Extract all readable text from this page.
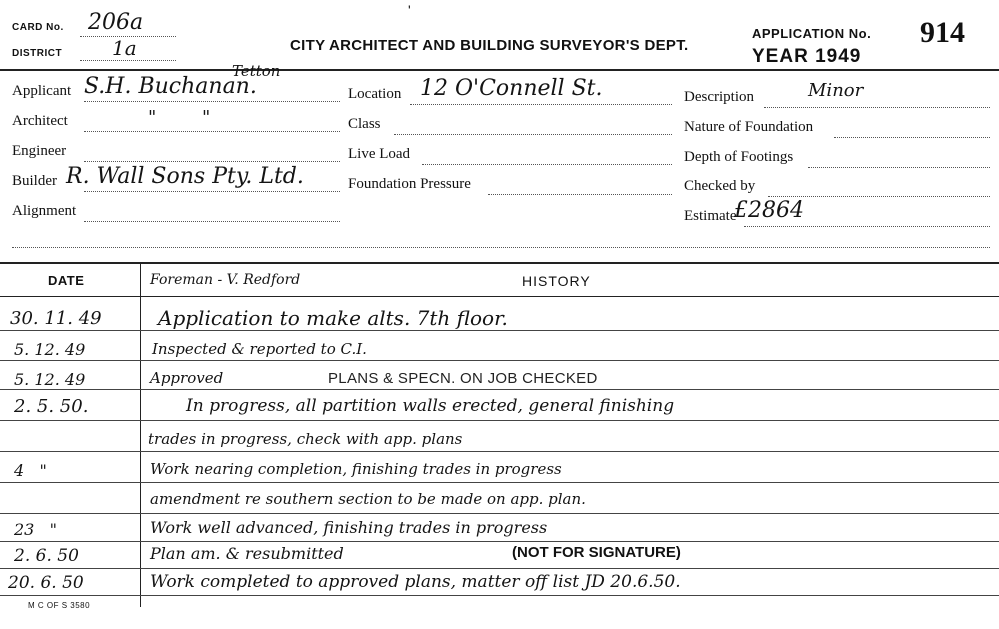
CARD No. 206a
DISTRICT 1a
'
CITY ARCHITECT AND BUILDING SURVEYOR'S DEPT.
APPLICATION No. 914
YEAR 1949
Applicant S.H. Buchanan.
Tetton
Architect	"        "
Engineer
Builder R. Wall Sons Pty. Ltd.
Alignment
Location 12 O'Connell St.
Class
Live Load
Foundation Pressure
Description	Minor
Nature of Foundation
Depth of Footings
Checked by
Estimate
£2864
DATE	Foreman - V. Redford	HISTORY
30. 11. 49	Application to make alts. 7th floor.
5. 12. 49	Inspected & reported to C.I.
5. 12. 49	Approved	PLANS & SPECN. ON JOB CHECKED
2. 5. 50.	In progress, all partition walls erected, general finishing
trades in progress, check with app. plans
4   "	Work nearing completion, finishing trades in progress
amendment re southern section to be made on app. plan.
23   "	Work well advanced, finishing trades in progress
2. 6. 50	Plan am. & resubmitted	(NOT FOR SIGNATURE)
20. 6. 50	Work completed to approved plans, matter off list JD 20.6.50.
M C OF S 3580
